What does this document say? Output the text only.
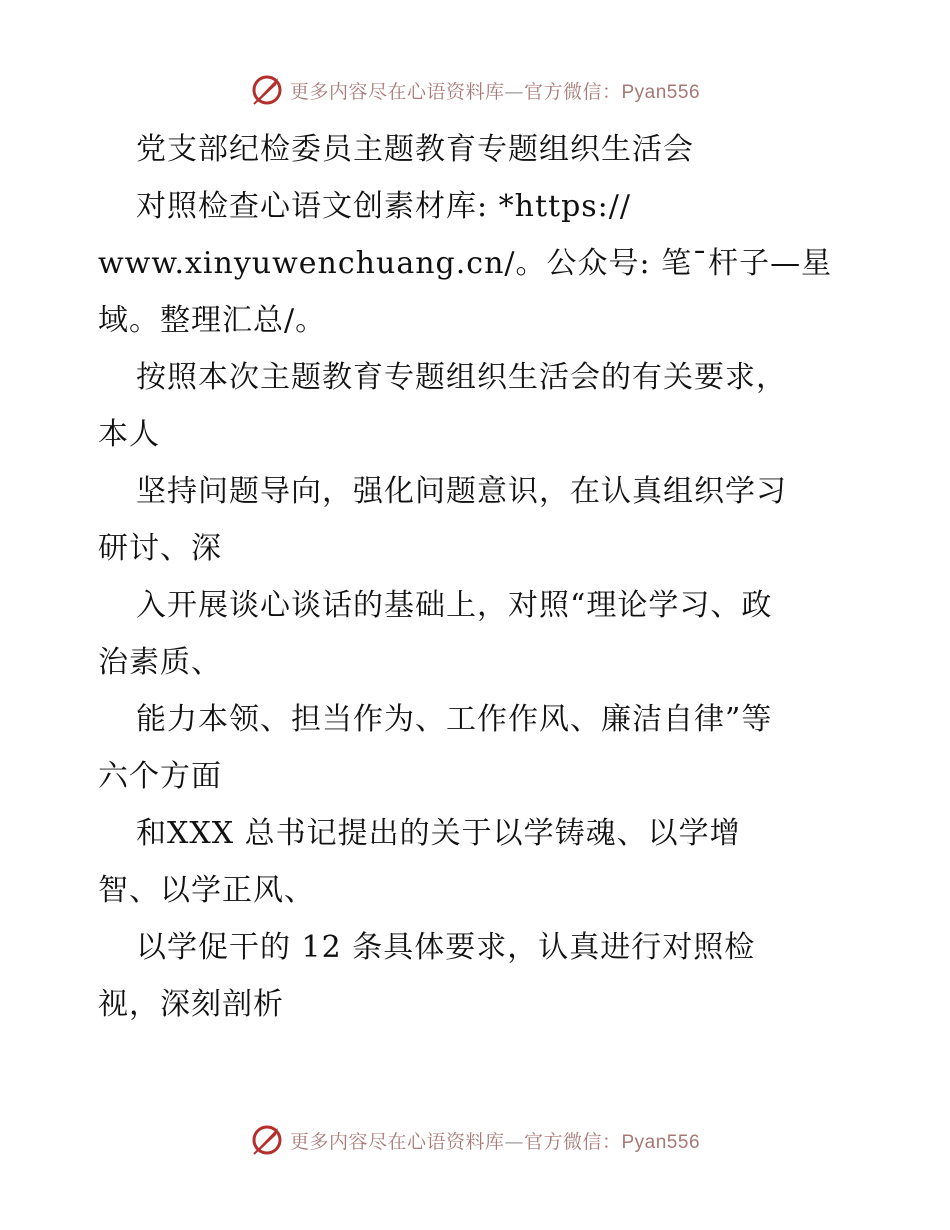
更多内容尽在心语资料库—官方微信：Pyan556
党支部纪检委员主题教育专题组织生活会
对照检查心语文创素材库: *https://
www.xinyuwenchuang.cn/。公众号: 笔¯杆子—星
域。整理汇总/。
按照本次主题教育专题组织生活会的有关要求，
本人
坚持问题导向，强化问题意识，在认真组织学习
研讨、深
入开展谈心谈话的基础上，对照“理论学习、政
治素质、
能力本领、担当作为、工作作风、廉洁自律”等
六个方面
和XXX 总书记提出的关于以学铸魂、以学增
智、以学正风、
以学促干的 12 条具体要求，认真进行对照检
视，深刻剖析
更多内容尽在心语资料库—官方微信：Pyan556
